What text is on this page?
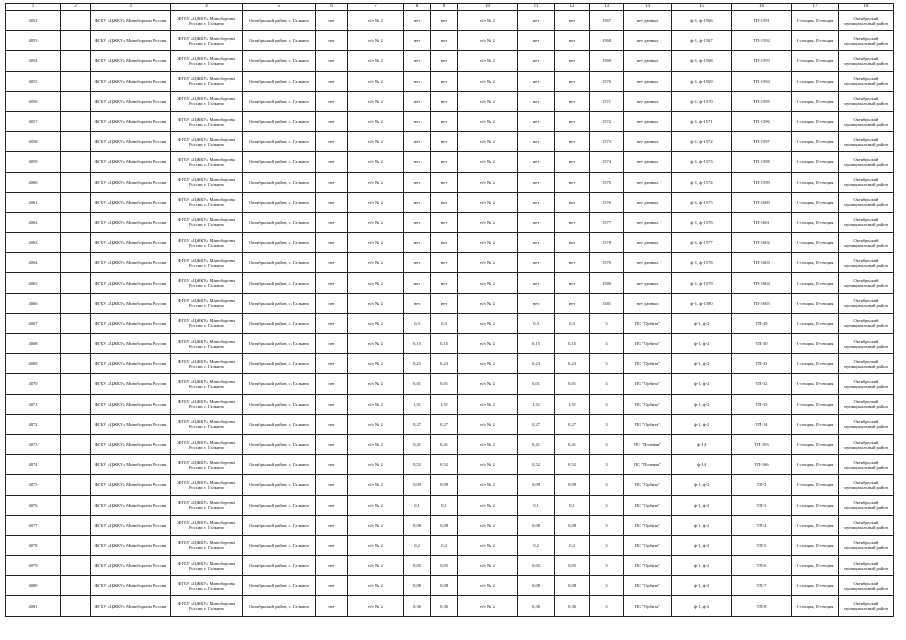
1	2	3	4	5	6	7	8	9	10	11	12	13	14	15	16	17	18
4052		ФГБУ «ЦЖКУ» Минобороны России	ФГБУ «ЦЖКУ» Минобороны России с. Галкино	Октябрьский район, с. Галкино	нет	н/т № 2	нет	нет	н/т № 2	нет	нет	1567	нет данных	ф-1, ф-1566	ТП-1591	1-секция, II-секция	Октябрьский муниципальный район
4053		ФГБУ «ЦЖКУ» Минобороны России	ФГБУ «ЦЖКУ» Минобороны России с. Галкино	Октябрьский район, с. Галкино	нет	н/т № 2	нет	нет	н/т № 2	нет	нет	1568	нет данных	ф-1, ф-1567	ТП-1592	1-секция, II-секция	Октябрьский муниципальный район
4054		ФГБУ «ЦЖКУ» Минобороны России	ФГБУ «ЦЖКУ» Минобороны России с. Галкино	Октябрьский район, с. Галкино	нет	н/т № 2	нет	нет	н/т № 2	нет	нет	1569	нет данных	ф-1, ф-1568	ТП-1593	1-секция, II-секция	Октябрьский муниципальный район
4055		ФГБУ «ЦЖКУ» Минобороны России	ФГБУ «ЦЖКУ» Минобороны России с. Галкино	Октябрьский район, с. Галкино	нет	н/т № 2	нет	нет	н/т № 2	нет	нет	1570	нет данных	ф-1, ф-1569	ТП-1594	1-секция, II-секция	Октябрьский муниципальный район
4056		ФГБУ «ЦЖКУ» Минобороны России	ФГБУ «ЦЖКУ» Минобороны России с. Галкино	Октябрьский район, с. Галкино	нет	н/т № 2	нет	нет	н/т № 2	нет	нет	1571	нет данных	ф-1, ф-1570	ТП-1595	1-секция, II-секция	Октябрьский муниципальный район
4057		ФГБУ «ЦЖКУ» Минобороны России	ФГБУ «ЦЖКУ» Минобороны России с. Галкино	Октябрьский район, с. Галкино	нет	н/т № 2	нет	нет	н/т № 2	нет	нет	1572	нет данных	ф-1, ф-1571	ТП-1596	1-секция, II-секция	Октябрьский муниципальный район
4058		ФГБУ «ЦЖКУ» Минобороны России	ФГБУ «ЦЖКУ» Минобороны России с. Галкино	Октябрьский район, с. Галкино	нет	н/т № 2	нет	нет	н/т № 2	нет	нет	1573	нет данных	ф-1, ф-1572	ТП-1597	1-секция, II-секция	Октябрьский муниципальный район
4059		ФГБУ «ЦЖКУ» Минобороны России	ФГБУ «ЦЖКУ» Минобороны России с. Галкино	Октябрьский район, с. Галкино	нет	н/т № 2	нет	нет	н/т № 2	нет	нет	1574	нет данных	ф-1, ф-1573	ТП-1598	1-секция, II-секция	Октябрьский муниципальный район
4060		ФГБУ «ЦЖКУ» Минобороны России	ФГБУ «ЦЖКУ» Минобороны России с. Галкино	Октябрьский район, с. Галкино	нет	н/т № 2	нет	нет	н/т № 2	нет	нет	1575	нет данных	ф-1, ф-1574	ТП-1599	1-секция, II-секция	Октябрьский муниципальный район
4061		ФГБУ «ЦЖКУ» Минобороны России	ФГБУ «ЦЖКУ» Минобороны России с. Галкино	Октябрьский район, с. Галкино	нет	н/т № 2	нет	нет	н/т № 2	нет	нет	1576	нет данных	ф-1, ф-1575	ТП-1600	1-секция, II-секция	Октябрьский муниципальный район
4062		ФГБУ «ЦЖКУ» Минобороны России	ФГБУ «ЦЖКУ» Минобороны России с. Галкино	Октябрьский район, с. Галкино	нет	н/т № 2	нет	нет	н/т № 2	нет	нет	1577	нет данных	ф-1, ф-1576	ТП-1601	1-секция, II-секция	Октябрьский муниципальный район
4063		ФГБУ «ЦЖКУ» Минобороны России	ФГБУ «ЦЖКУ» Минобороны России с. Галкино	Октябрьский район, с. Галкино	нет	н/т № 2	нет	нет	н/т № 2	нет	нет	1578	нет данных	ф-1, ф-1577	ТП-1602	1-секция, II-секция	Октябрьский муниципальный район
4064		ФГБУ «ЦЖКУ» Минобороны России	ФГБУ «ЦЖКУ» Минобороны России с. Галкино	Октябрьский район, с. Галкино	нет	н/т № 2	нет	нет	н/т № 2	нет	нет	1579	нет данных	ф-1, ф-1578	ТП-1603	1-секция, II-секция	Октябрьский муниципальный район
4065		ФГБУ «ЦЖКУ» Минобороны России	ФГБУ «ЦЖКУ» Минобороны России с. Галкино	Октябрьский район, с. Галкино	нет	н/т № 2	нет	нет	н/т № 2	нет	нет	1580	нет данных	ф-1, ф-1579	ТП-1604	1-секция, II-секция	Октябрьский муниципальный район
4066		ФГБУ «ЦЖКУ» Минобороны России	ФГБУ «ЦЖКУ» Минобороны России с. Галкино	Октябрьский район, с. Галкино	нет	н/т № 2	нет	нет	н/т № 2	нет	нет	1581	нет данных	ф-1, ф-1580	ТП-1605	1-секция, II-секция	Октябрьский муниципальный район
4067		ФГБУ «ЦЖКУ» Минобороны России	ФГБУ «ЦЖКУ» Минобороны России с. Галкино	Октябрьский район, с. Галкино	нет	н/т № 2	0,3	0,3	н/т № 2	0,3	0,3	3	ПС "Орбита"	ф-1, ф-2	ТП-29	1-секция, II-секция	Октябрьский муниципальный район
4068		ФГБУ «ЦЖКУ» Минобороны России	ФГБУ «ЦЖКУ» Минобороны России с. Галкино	Октябрьский район, с. Галкино	нет	н/т № 2	0,15	0,15	н/т № 2	0,15	0,15	3	ПС "Орбита"	ф-1, ф-2	ТП-30	1-секция, II-секция	Октябрьский муниципальный район
4069		ФГБУ «ЦЖКУ» Минобороны России	ФГБУ «ЦЖКУ» Минобороны России с. Галкино	Октябрьский район, с. Галкино	нет	н/т № 2	0,23	0,23	н/т № 2	0,23	0,23	3	ПС "Орбита"	ф-1, ф-2	ТП-31	1-секция, II-секция	Октябрьский муниципальный район
4070		ФГБУ «ЦЖКУ» Минобороны России	ФГБУ «ЦЖКУ» Минобороны России с. Галкино	Октябрьский район, с. Галкино	нет	н/т № 2	0,01	0,01	н/т № 2	0,01	0,01	3	ПС "Орбита"	ф-1, ф-2	ТП-32	1-секция, II-секция	Октябрьский муниципальный район
4071		ФГБУ «ЦЖКУ» Минобороны России	ФГБУ «ЦЖКУ» Минобороны России с. Галкино	Октябрьский район, с. Галкино	нет	н/т № 2	1,51	1,51	н/т № 2	1,51	1,51	3	ПС "Орбита"	ф-1, ф-2	ТП-33	1-секция, II-секция	Октябрьский муниципальный район
4072		ФГБУ «ЦЖКУ» Минобороны России	ФГБУ «ЦЖКУ» Минобороны России с. Галкино	Октябрьский район, с. Галкино	нет	н/т № 2	0,27	0,27	н/т № 2	0,27	0,27	3	ПС "Орбита"	ф-1, ф-2	ТП-14	1-секция, II-секция	Октябрьский муниципальный район
4073		ФГБУ «ЦЖКУ» Минобороны России	ФГБУ «ЦЖКУ» Минобороны России с. Галкино	Октябрьский район, с. Галкино	нет	н/т № 2	0,41	0,41	н/т № 2	0,41	0,41	3	ПС "Полевая"	ф-14	ТП-103	1-секция, II-секция	Октябрьский муниципальный район
4074		ФГБУ «ЦЖКУ» Минобороны России	ФГБУ «ЦЖКУ» Минобороны России с. Галкино	Октябрьский район, с. Галкино	нет	н/т № 2	0,52	0,52	н/т № 2	0,52	0,52	3	ПС "Полевая"	ф-14	ТП-166	1-секция, II-секция	Октябрьский муниципальный район
4075		ФГБУ «ЦЖКУ» Минобороны России	ФГБУ «ЦЖКУ» Минобороны России с. Галкино	Октябрьский район, с. Галкино	нет	н/т № 2	0,09	0,09	н/т № 2	0,09	0,09	3	ПС "Орбита"	ф-1, ф-2	ТП-2	1-секция, II-секция	Октябрьский муниципальный район
4076		ФГБУ «ЦЖКУ» Минобороны России	ФГБУ «ЦЖКУ» Минобороны России с. Галкино	Октябрьский район, с. Галкино	нет	н/т № 2	0,1	0,1	н/т № 2	0,1	0,1	3	ПС "Орбита"	ф-1, ф-2	ТП-3	1-секция, II-секция	Октябрьский муниципальный район
4077		ФГБУ «ЦЖКУ» Минобороны России	ФГБУ «ЦЖКУ» Минобороны России с. Галкино	Октябрьский район, с. Галкино	нет	н/т № 2	0,08	0,08	н/т № 2	0,08	0,08	3	ПС "Орбита"	ф-1, ф-2	ТП-4	1-секция, II-секция	Октябрьский муниципальный район
4078		ФГБУ «ЦЖКУ» Минобороны России	ФГБУ «ЦЖКУ» Минобороны России с. Галкино	Октябрьский район, с. Галкино	нет	н/т № 2	0,2	0,2	н/т № 2	0,2	0,2	3	ПС "Орбита"	ф-1, ф-2	ТП-5	1-секция, II-секция	Октябрьский муниципальный район
4079		ФГБУ «ЦЖКУ» Минобороны России	ФГБУ «ЦЖКУ» Минобороны России с. Галкино	Октябрьский район, с. Галкино	нет	н/т № 2	0,05	0,05	н/т № 2	0,05	0,05	3	ПС "Орбита"	ф-1, ф-2	ТП-6	1-секция, II-секция	Октябрьский муниципальный район
4080		ФГБУ «ЦЖКУ» Минобороны России	ФГБУ «ЦЖКУ» Минобороны России с. Галкино	Октябрьский район, с. Галкино	нет	н/т № 2	0,08	0,08	н/т № 2	0,08	0,08	3	ПС "Орбита"	ф-1, ф-2	ТП-7	1-секция, II-секция	Октябрьский муниципальный район
4081		ФГБУ «ЦЖКУ» Минобороны России	ФГБУ «ЦЖКУ» Минобороны России с. Галкино	Октябрьский район, с. Галкино	нет	н/т № 2	0,36	0,36	н/т № 2	0,36	0,36	3	ПС "Орбита"	ф-1, ф-2	ТП-8	1-секция, II-секция	Октябрьский муниципальный район
